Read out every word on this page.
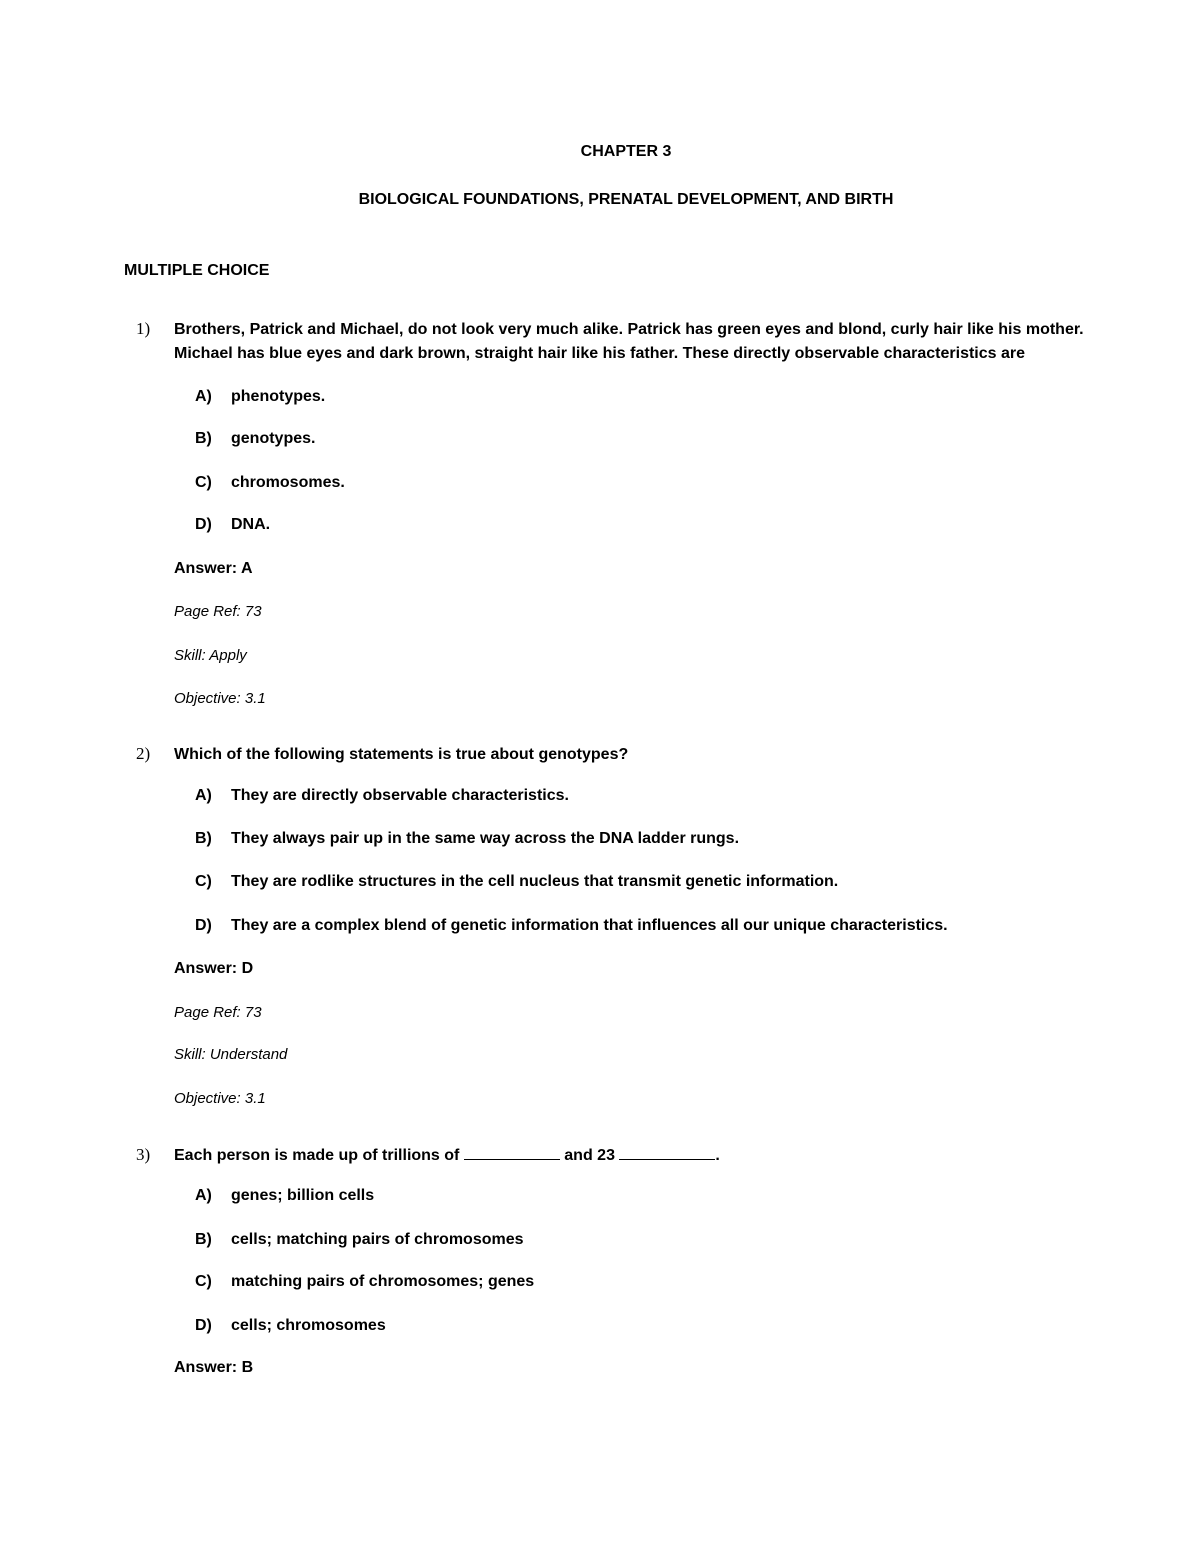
CHAPTER 3
BIOLOGICAL FOUNDATIONS, PRENATAL DEVELOPMENT, AND BIRTH
MULTIPLE CHOICE
1) Brothers, Patrick and Michael, do not look very much alike. Patrick has green eyes and blond, curly hair like his mother. Michael has blue eyes and dark brown, straight hair like his father. These directly observable characteristics are
A) phenotypes.
B) genotypes.
C) chromosomes.
D) DNA.
Answer: A
Page Ref: 73
Skill: Apply
Objective: 3.1
2) Which of the following statements is true about genotypes?
A) They are directly observable characteristics.
B) They always pair up in the same way across the DNA ladder rungs.
C) They are rodlike structures in the cell nucleus that transmit genetic information.
D) They are a complex blend of genetic information that influences all our unique characteristics.
Answer: D
Page Ref: 73
Skill: Understand
Objective: 3.1
3) Each person is made up of trillions of	and 23	.
A) genes; billion cells
B) cells; matching pairs of chromosomes
C) matching pairs of chromosomes; genes
D) cells; chromosomes
Answer: B
